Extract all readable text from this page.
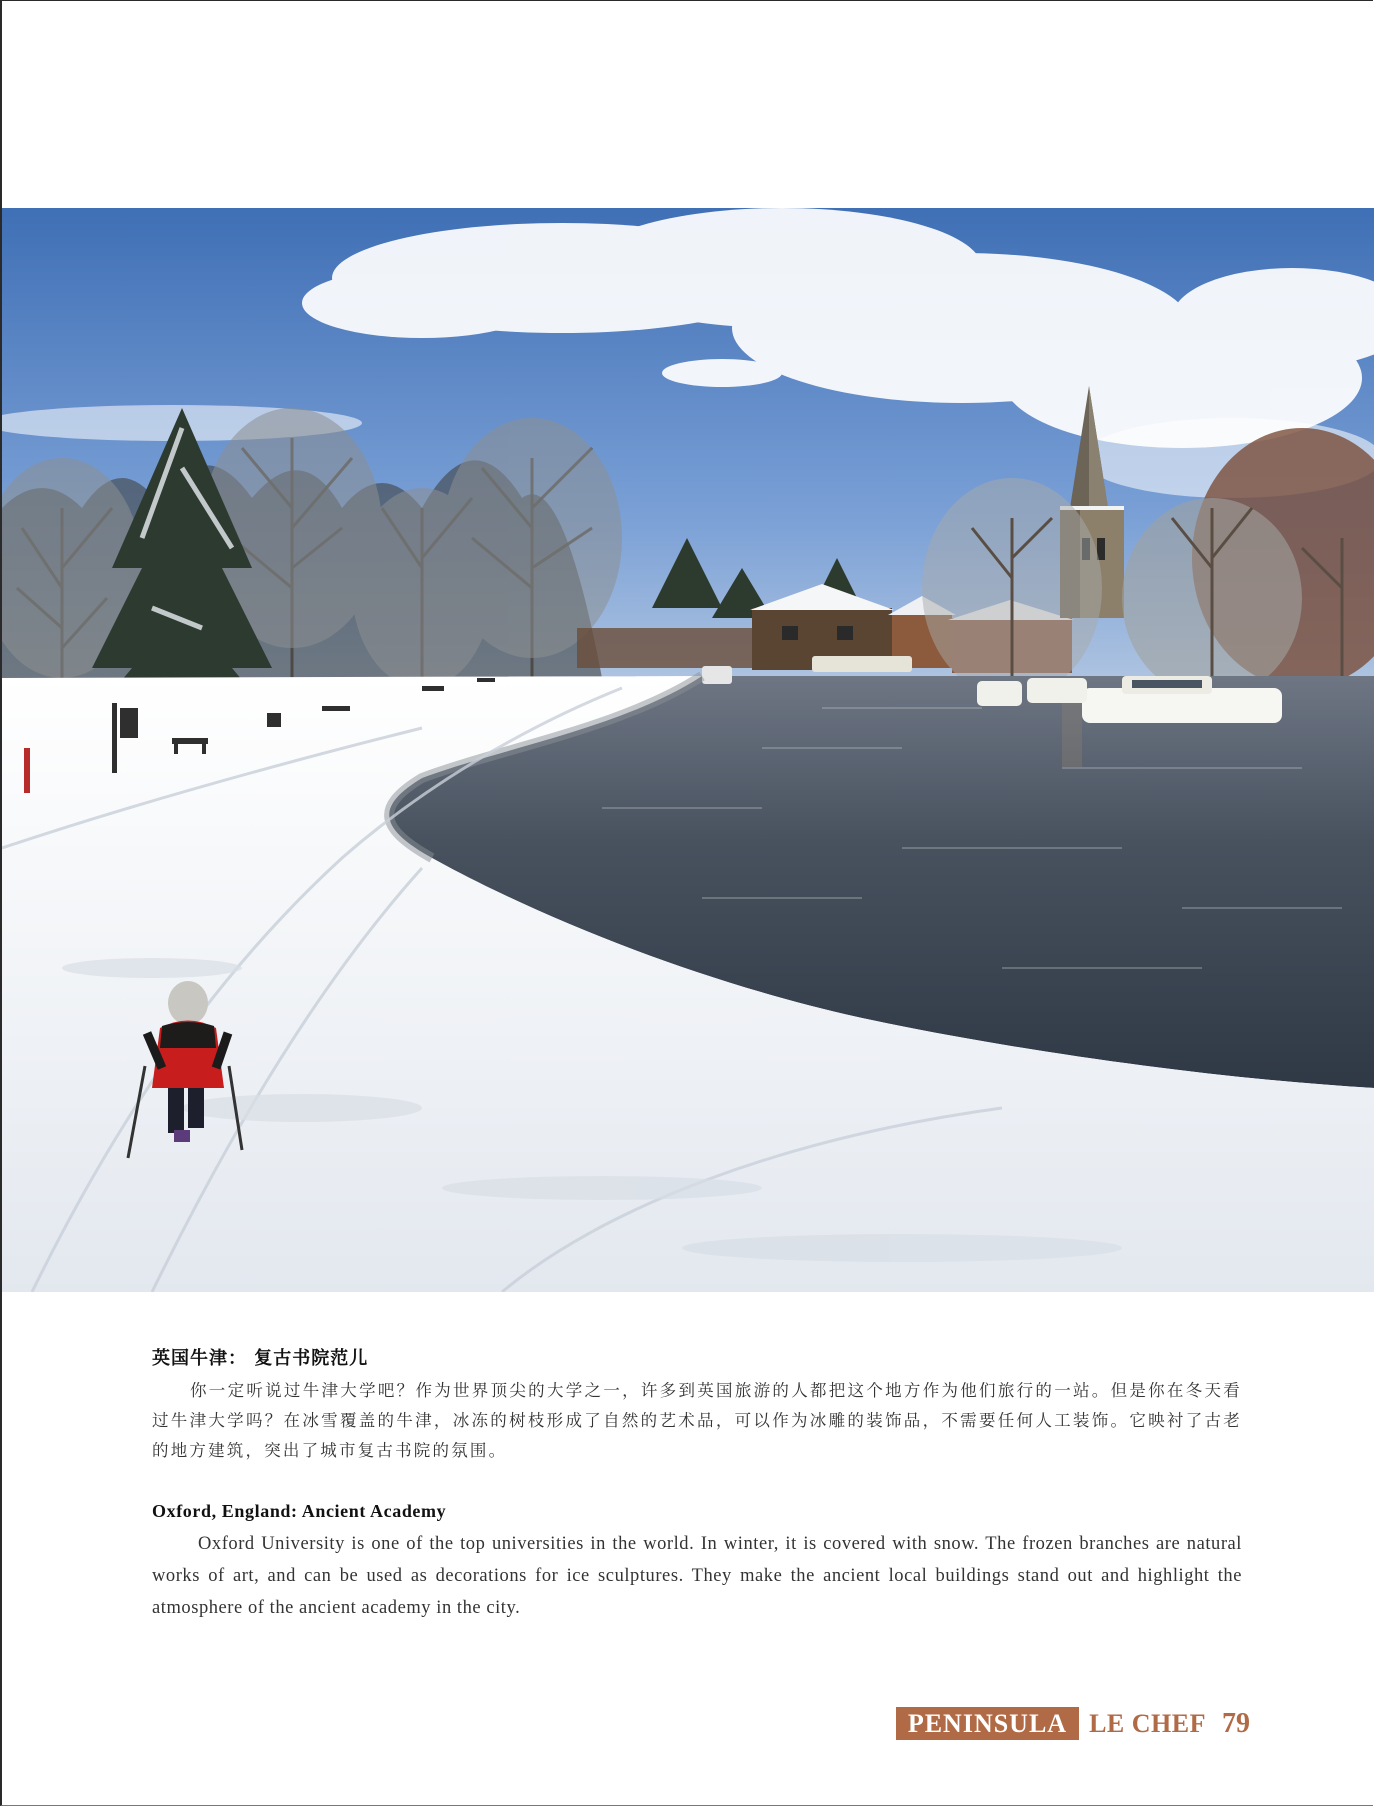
英国牛津： 复古书院范儿
你一定听说过牛津大学吧？作为世界顶尖的大学之一，许多到英国旅游的人都把这个地方作为他们旅行的一站。但是你在冬天看过牛津大学吗？在冰雪覆盖的牛津，冰冻的树枝形成了自然的艺术品，可以作为冰雕的装饰品，不需要任何人工装饰。它映衬了古老的地方建筑，突出了城市复古书院的氛围。
Oxford, England: Ancient Academy
Oxford University is one of the top universities in the world. In winter, it is covered with snow. The frozen branches are natural works of art, and can be used as decorations for ice sculptures. They make the ancient local buildings stand out and highlight the atmosphere of the ancient academy in the city.
PENINSULA LE CHEF 79
